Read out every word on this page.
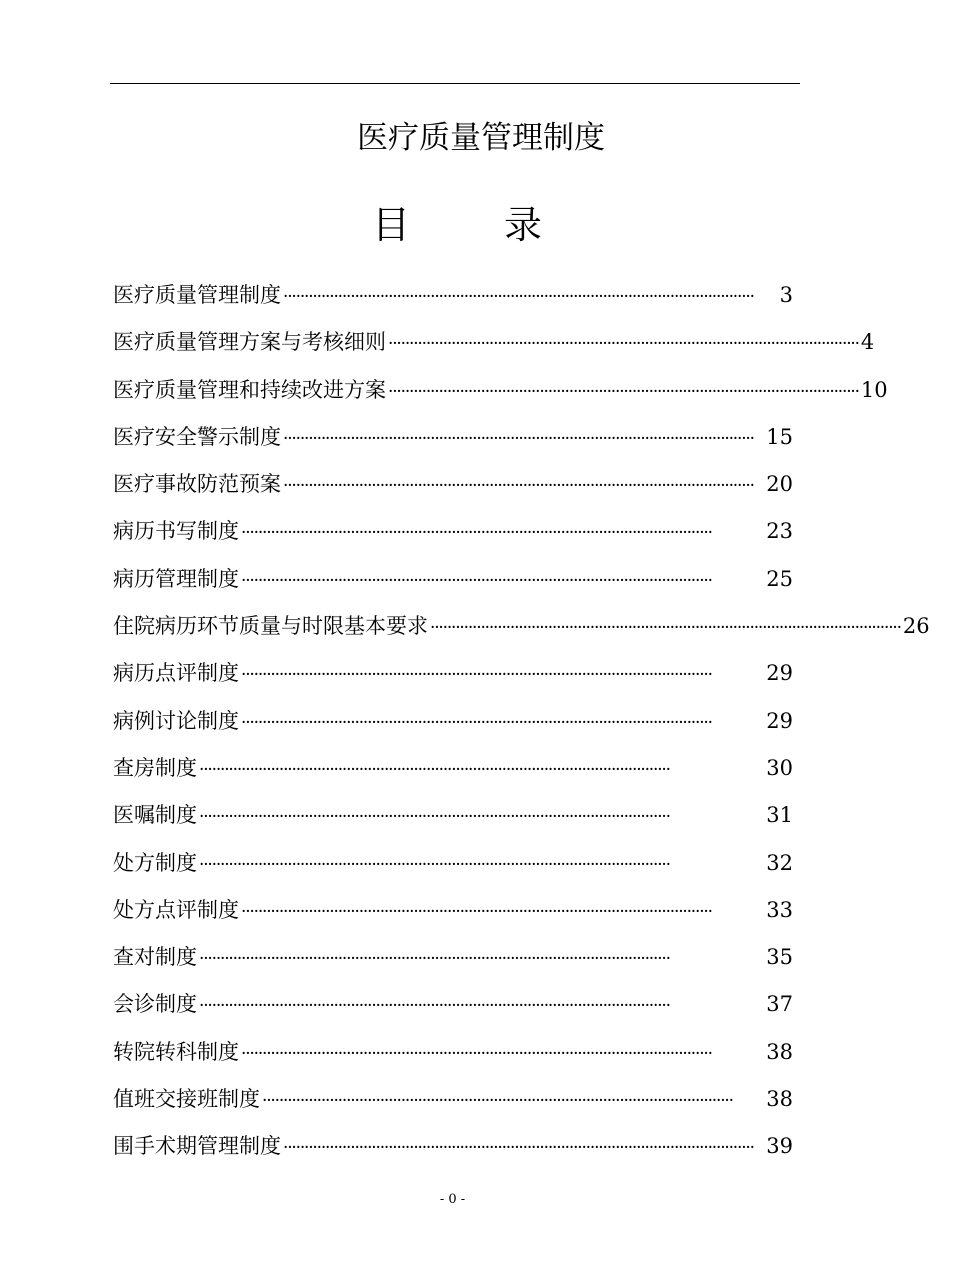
医疗质量管理制度
目 录
医疗质量管理制度 ················································································································	3
医疗质量管理方案与考核细则 ················································································································ 4
医疗质量管理和持续改进方案 ················································································································ 10
医疗安全警示制度 ················································································································ 15
医疗事故防范预案 ················································································································ 20
病历书写制度 ················································································································	23
病历管理制度 ················································································································	25
住院病历环节质量与时限基本要求 ················································································································ 26
病历点评制度 ················································································································	29
病例讨论制度 ················································································································	29
查房制度 ················································································································	30
医嘱制度 ················································································································	31
处方制度 ················································································································	32
处方点评制度 ················································································································	33
查对制度 ················································································································	35
会诊制度 ················································································································	37
转院转科制度 ················································································································	38
值班交接班制度 ················································································································	38
围手术期管理制度 ················································································································ 39
- 0 -
